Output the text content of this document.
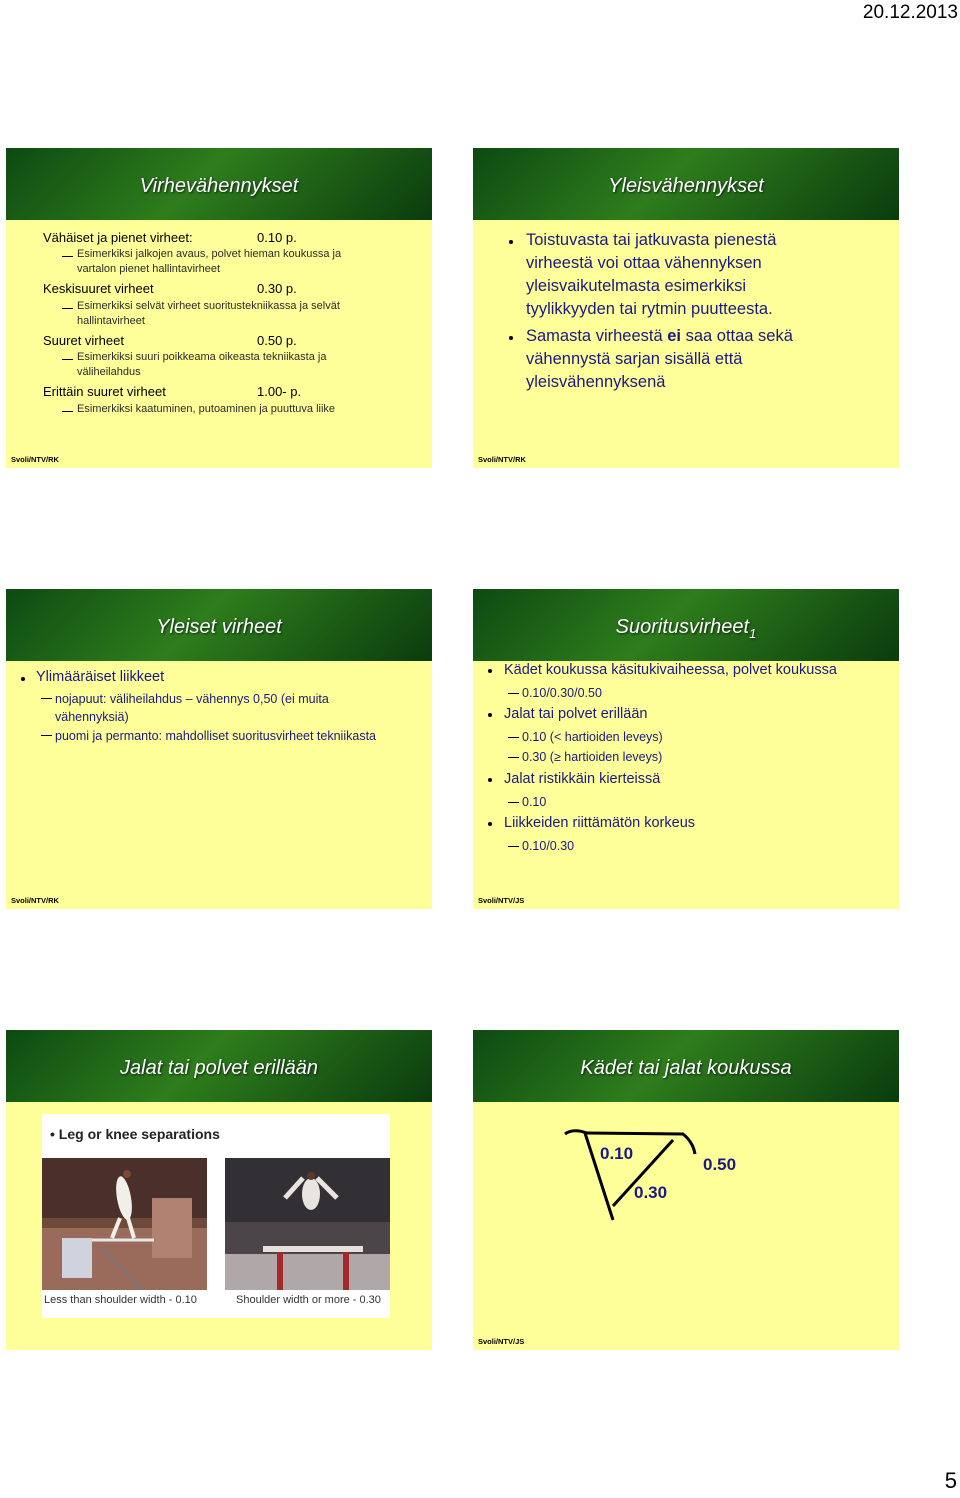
20.12.2013
Virhevähennykset
Vähäiset ja pienet virheet:	0.10 p.
Esimerkiksi jalkojen avaus, polvet hieman koukussa ja
vartalon pienet hallintavirheet
Keskisuuret virheet	0.30 p.
Esimerkiksi selvät virheet suoritustekniikassa ja selvät
hallintavirheet
Suuret virheet	0.50 p.
Esimerkiksi suuri poikkeama oikeasta tekniikasta ja
väliheilahdus
Erittäin suuret virheet	1.00- p.
Esimerkiksi kaatuminen, putoaminen ja puuttuva liike
Svoli/NTV/RK
Yleisvähennykset
Toistuvasta tai jatkuvasta pienestä
virheestä voi ottaa vähennyksen
yleisvaikutelmasta esimerkiksi
tyylikkyyden tai rytmin puutteesta.
Samasta virheestä ei saa ottaa sekä
vähennystä sarjan sisällä että
yleisvähennyksenä
Svoli/NTV/RK
Yleiset virheet
Ylimääräiset liikkeet
nojapuut: väliheilahdus – vähennys 0,50 (ei muita
vähennyksiä)
puomi ja permanto: mahdolliset suoritusvirheet tekniikasta
Svoli/NTV/RK
Suoritusvirheet$_1$
Kädet koukussa käsitukivaiheessa, polvet koukussa
0.10/0.30/0.50
Jalat tai polvet erillään
0.10 (< hartioiden leveys)
0.30 (≥ hartioiden leveys)
Jalat ristikkäin kierteissä
0.10
Liikkeiden riittämätön korkeus
0.10/0.30
Svoli/NTV/JS
Jalat tai polvet erillään
• Leg or knee separations
Less than shoulder width - 0.10	Shoulder width or more - 0.30
Kädet tai jalat koukussa
0.10
0.30
0.50
Svoli/NTV/JS
5
